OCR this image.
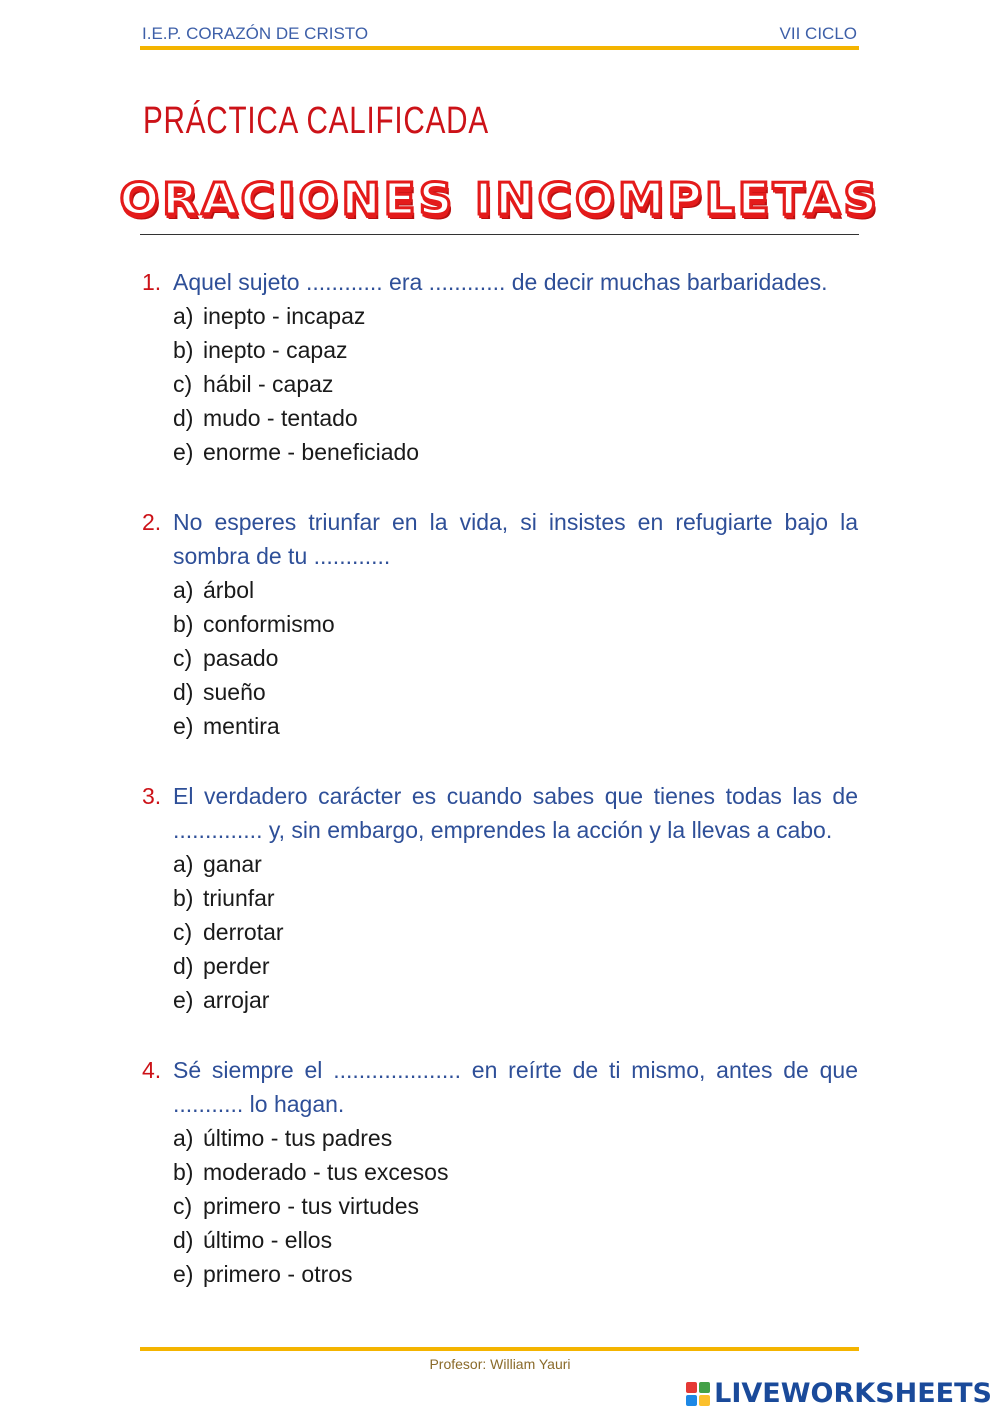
I.E.P. CORAZÓN DE CRISTO	VII CICLO
PRÁCTICA CALIFICADA
ORACIONES INCOMPLETAS
1. Aquel sujeto ............ era ............ de decir muchas barbaridades.
a) inepto - incapaz
b) inepto - capaz
c) hábil - capaz
d) mudo - tentado
e) enorme - beneficiado
2. No esperes triunfar en la vida, si insistes en refugiarte bajo la sombra de tu ............
a) árbol
b) conformismo
c) pasado
d) sueño
e) mentira
3. El verdadero carácter es cuando sabes que tienes todas las de .............. y, sin embargo, emprendes la acción y la llevas a cabo.
a) ganar
b) triunfar
c) derrotar
d) perder
e) arrojar
4. Sé siempre el .................... en reírte de ti mismo, antes de que ........... lo hagan.
a) último - tus padres
b) moderado - tus excesos
c) primero - tus virtudes
d) último - ellos
e) primero - otros
Profesor: William Yauri
LIVEWORKSHEETS
